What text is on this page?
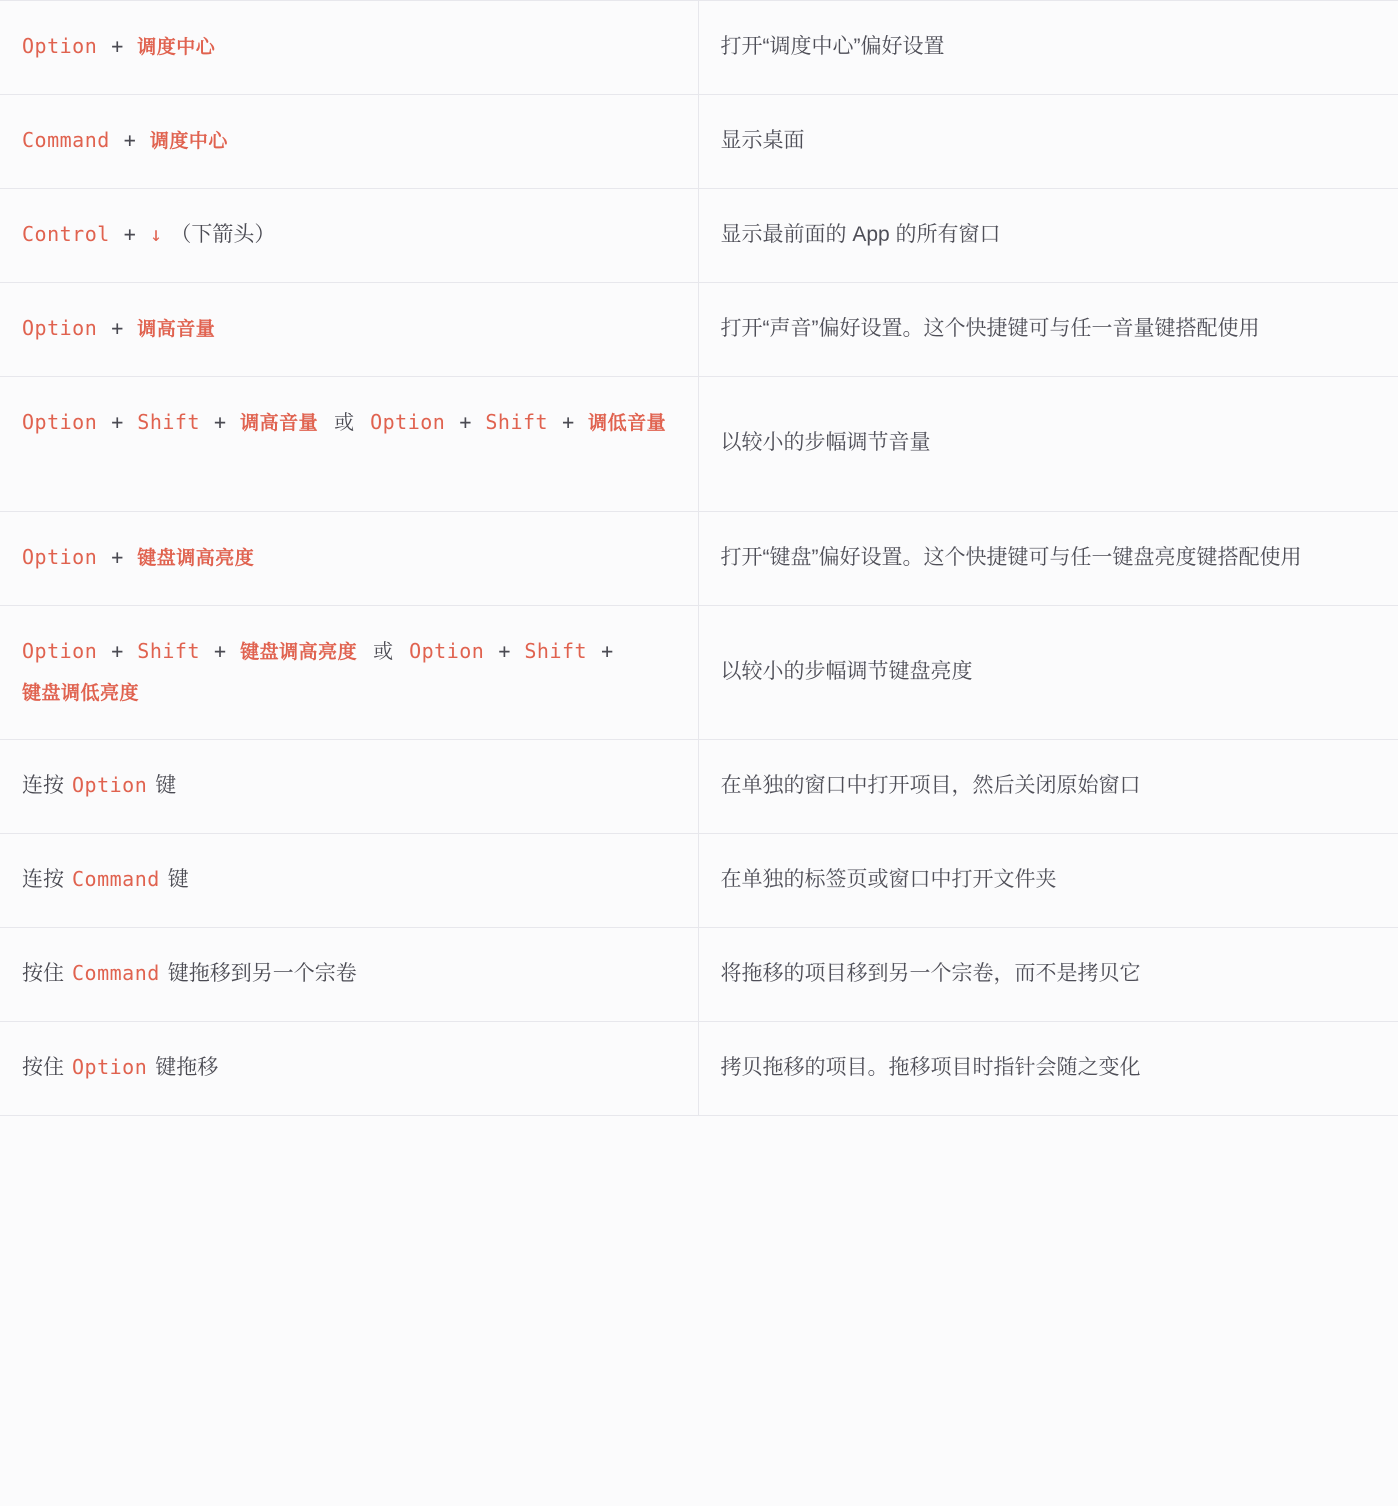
Option + 调度中心	打开“调度中心”偏好设置
Command + 调度中心	显示桌面
Control + ↓ （下箭头）	显示最前面的 App 的所有窗口
Option + 调高音量	打开“声音”偏好设置。这个快捷键可与任一音量键搭配使用
Option + Shift + 调高音量 或 Option + Shift + 调低音量	以较小的步幅调节音量
Option + 键盘调高亮度	打开“键盘”偏好设置。这个快捷键可与任一键盘亮度键搭配使用
Option + Shift + 键盘调高亮度 或 Option + Shift +键盘调低亮度	以较小的步幅调节键盘亮度
连按 Option 键	在单独的窗口中打开项目，然后关闭原始窗口
连按 Command 键	在单独的标签页或窗口中打开文件夹
按住 Command 键拖移到另一个宗卷	将拖移的项目移到另一个宗卷，而不是拷贝它
按住 Option 键拖移	拷贝拖移的项目。拖移项目时指针会随之变化
